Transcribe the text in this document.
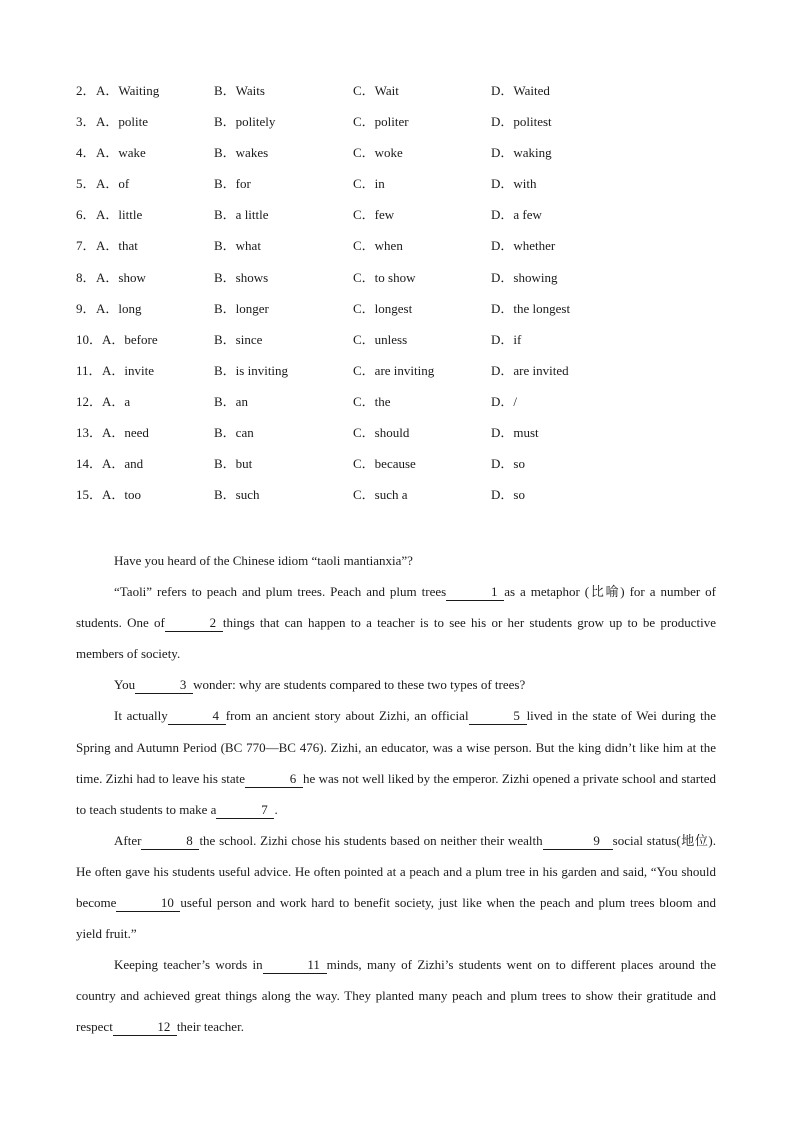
2． A．Waiting	B．Waits	C．Wait	D．Waited
3． A．polite	B．politely	C．politer	D．politest
4． A．wake	B．wakes	C．woke	D．waking
5． A．of	B．for	C．in	D．with
6． A．little	B．a little	C．few	D．a few
7． A．that	B．what	C．when	D．whether
8． A．show	B．shows	C．to show	D．showing
9． A．long	B．longer	C．longest	D．the longest
10． A．before	B．since	C．unless	D．if
11． A．invite	B．is inviting	C．are inviting	D．are invited
12． A．a	B．an	C．the	D．/
13． A．need	B．can	C．should	D．must
14． A．and	B．but	C．because	D．so
15． A．too	B．such	C．such a	D．so

Have you heard of the Chinese idiom “taoli mantianxia”?

“Taoli” refers to peach and plum trees. Peach and plum trees	1 as a metaphor (比喻) for a number of students. One of	2 things that can happen to a teacher is to see his or her students grow up to be productive members of society.

You	3 wonder: why are students compared to these two types of trees?

It actually	4 from an ancient story about Zizhi, an official	5 lived in the state of Wei during the Spring and Autumn Period (BC 770—BC 476). Zizhi, an educator, was a wise person. But the king didn’t like him at the time. Zizhi had to leave his state	6 he was not well liked by the emperor. Zizhi opened a private school and started to teach students to make a	7 .

After	8 the school. Zizhi chose his students based on neither their wealth	9 social status(地位). He often gave his students useful advice. He often pointed at a peach and a plum tree in his garden and said, “You should become	10 useful person and work hard to benefit society, just like when the peach and plum trees bloom and yield fruit.”

Keeping teacher’s words in	11 minds, many of Zizhi’s students went on to different places around the country and achieved great things along the way. They planted many peach and plum trees to show their gratitude and respect	12 their teacher.
